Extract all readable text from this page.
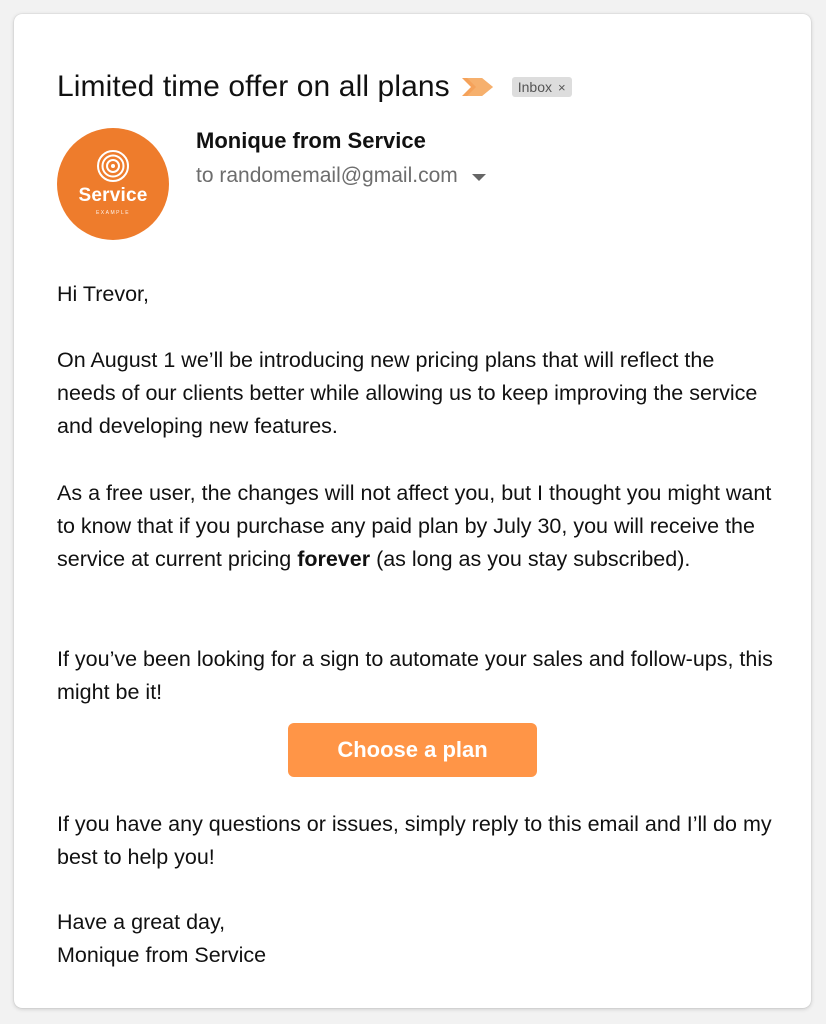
Limited time offer on all plans	Inbox ×
Service
EXAMPLE
Monique from Service
to randomemail@gmail.com

Hi Trevor,

On August 1 we’ll be introducing new pricing plans that will reflect the needs of our clients better while allowing us to keep improving the service and developing new features.

As a free user, the changes will not affect you, but I thought you might want to know that if you purchase any paid plan by July 30, you will receive the service at current pricing forever (as long as you stay subscribed).

If you’ve been looking for a sign to automate your sales and follow-ups, this might be it!

If you have any questions or issues, simply reply to this email and I’ll do my best to help you!

Have a great day,
Monique from Service
Choose a plan
